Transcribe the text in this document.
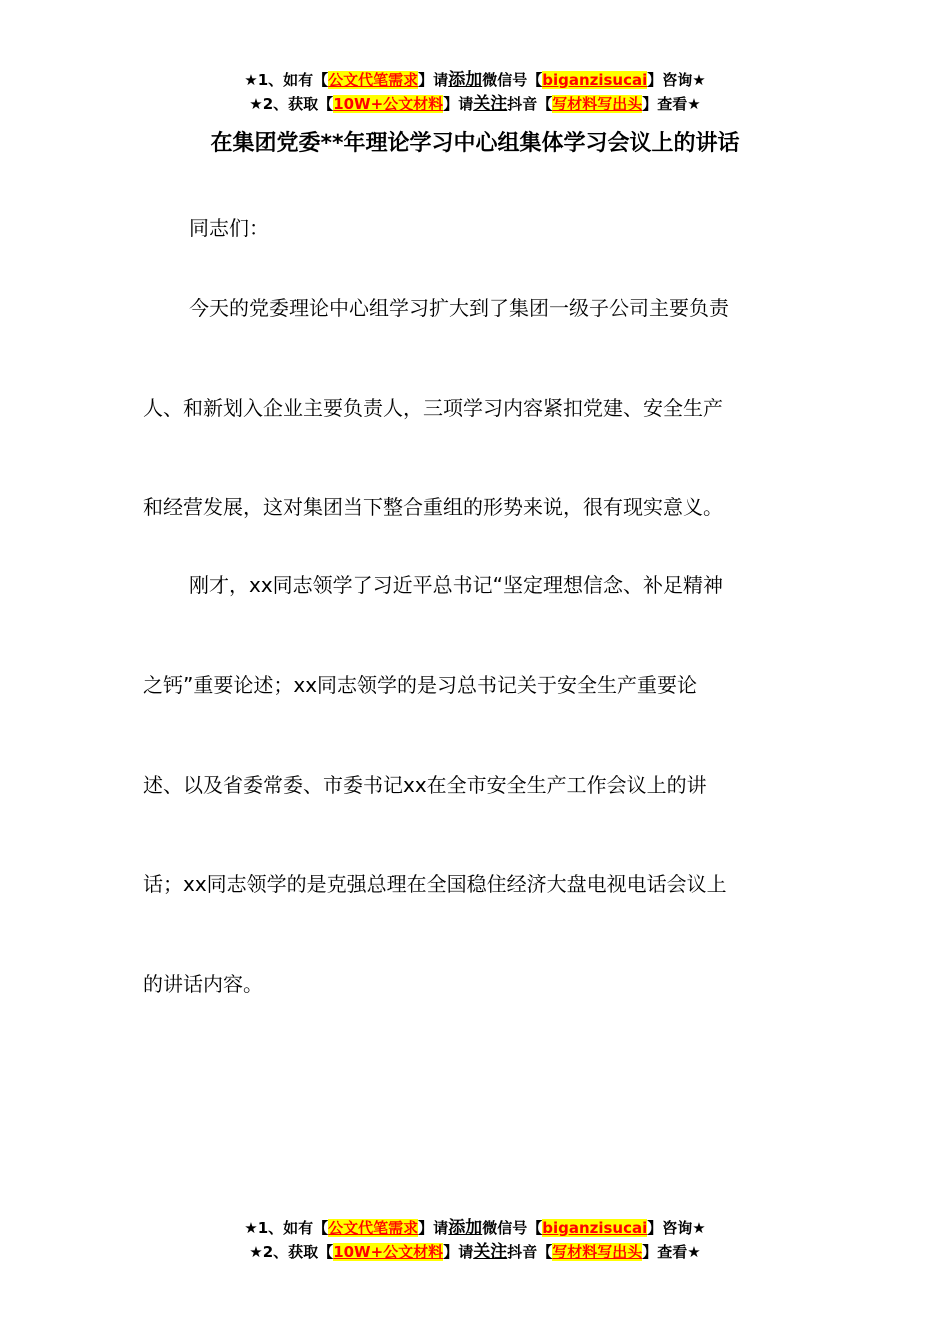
★1、如有【公文代笔需求】请添加微信号【biganzisucai】咨询★
★2、获取【10W+公文材料】请关注抖音【写材料写出头】查看★
在集团党委**年理论学习中心组集体学习会议上的讲话
同志们：
今天的党委理论中心组学习扩大到了集团一级子公司主要负责
人、和新划入企业主要负责人，三项学习内容紧扣党建、安全生产
和经营发展，这对集团当下整合重组的形势来说，很有现实意义。
刚才，xx同志领学了习近平总书记“坚定理想信念、补足精神
之钙”重要论述；xx同志领学的是习总书记关于安全生产重要论
述、以及省委常委、市委书记xx在全市安全生产工作会议上的讲
话；xx同志领学的是克强总理在全国稳住经济大盘电视电话会议上
的讲话内容。
★1、如有【公文代笔需求】请添加微信号【biganzisucai】咨询★
★2、获取【10W+公文材料】请关注抖音【写材料写出头】查看★
